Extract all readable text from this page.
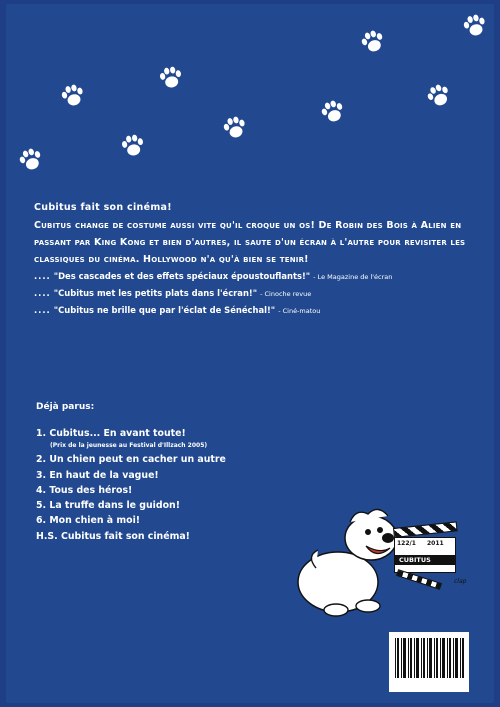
Cubitus fait son cinéma!

Cubitus change de costume aussi vite qu'il croque un os! De Robin des Bois à Alien en passant par King Kong et bien d'autres, il saute d'un écran à l'autre pour revisiter les classiques du cinéma. Hollywood n'a qu'à bien se tenir!

.... "Des cascades et des effets spéciaux époustouflants!" - Le Magazine de l'écran
.... "Cubitus met les petits plats dans l'écran!" - Cinoche revue
.... "Cubitus ne brille que par l'éclat de Sénéchal!" - Ciné-matou
Déjà parus:
1. Cubitus... En avant toute!
(Prix de la jeunesse au Festival d'Illzach 2005)
2. Un chien peut en cacher un autre
3. En haut de la vague!
4. Tous des héros!
5. La truffe dans le guidon!
6. Mon chien à moi!
H.S. Cubitus fait son cinéma!
122/1 2011
CUBITUS
clap
